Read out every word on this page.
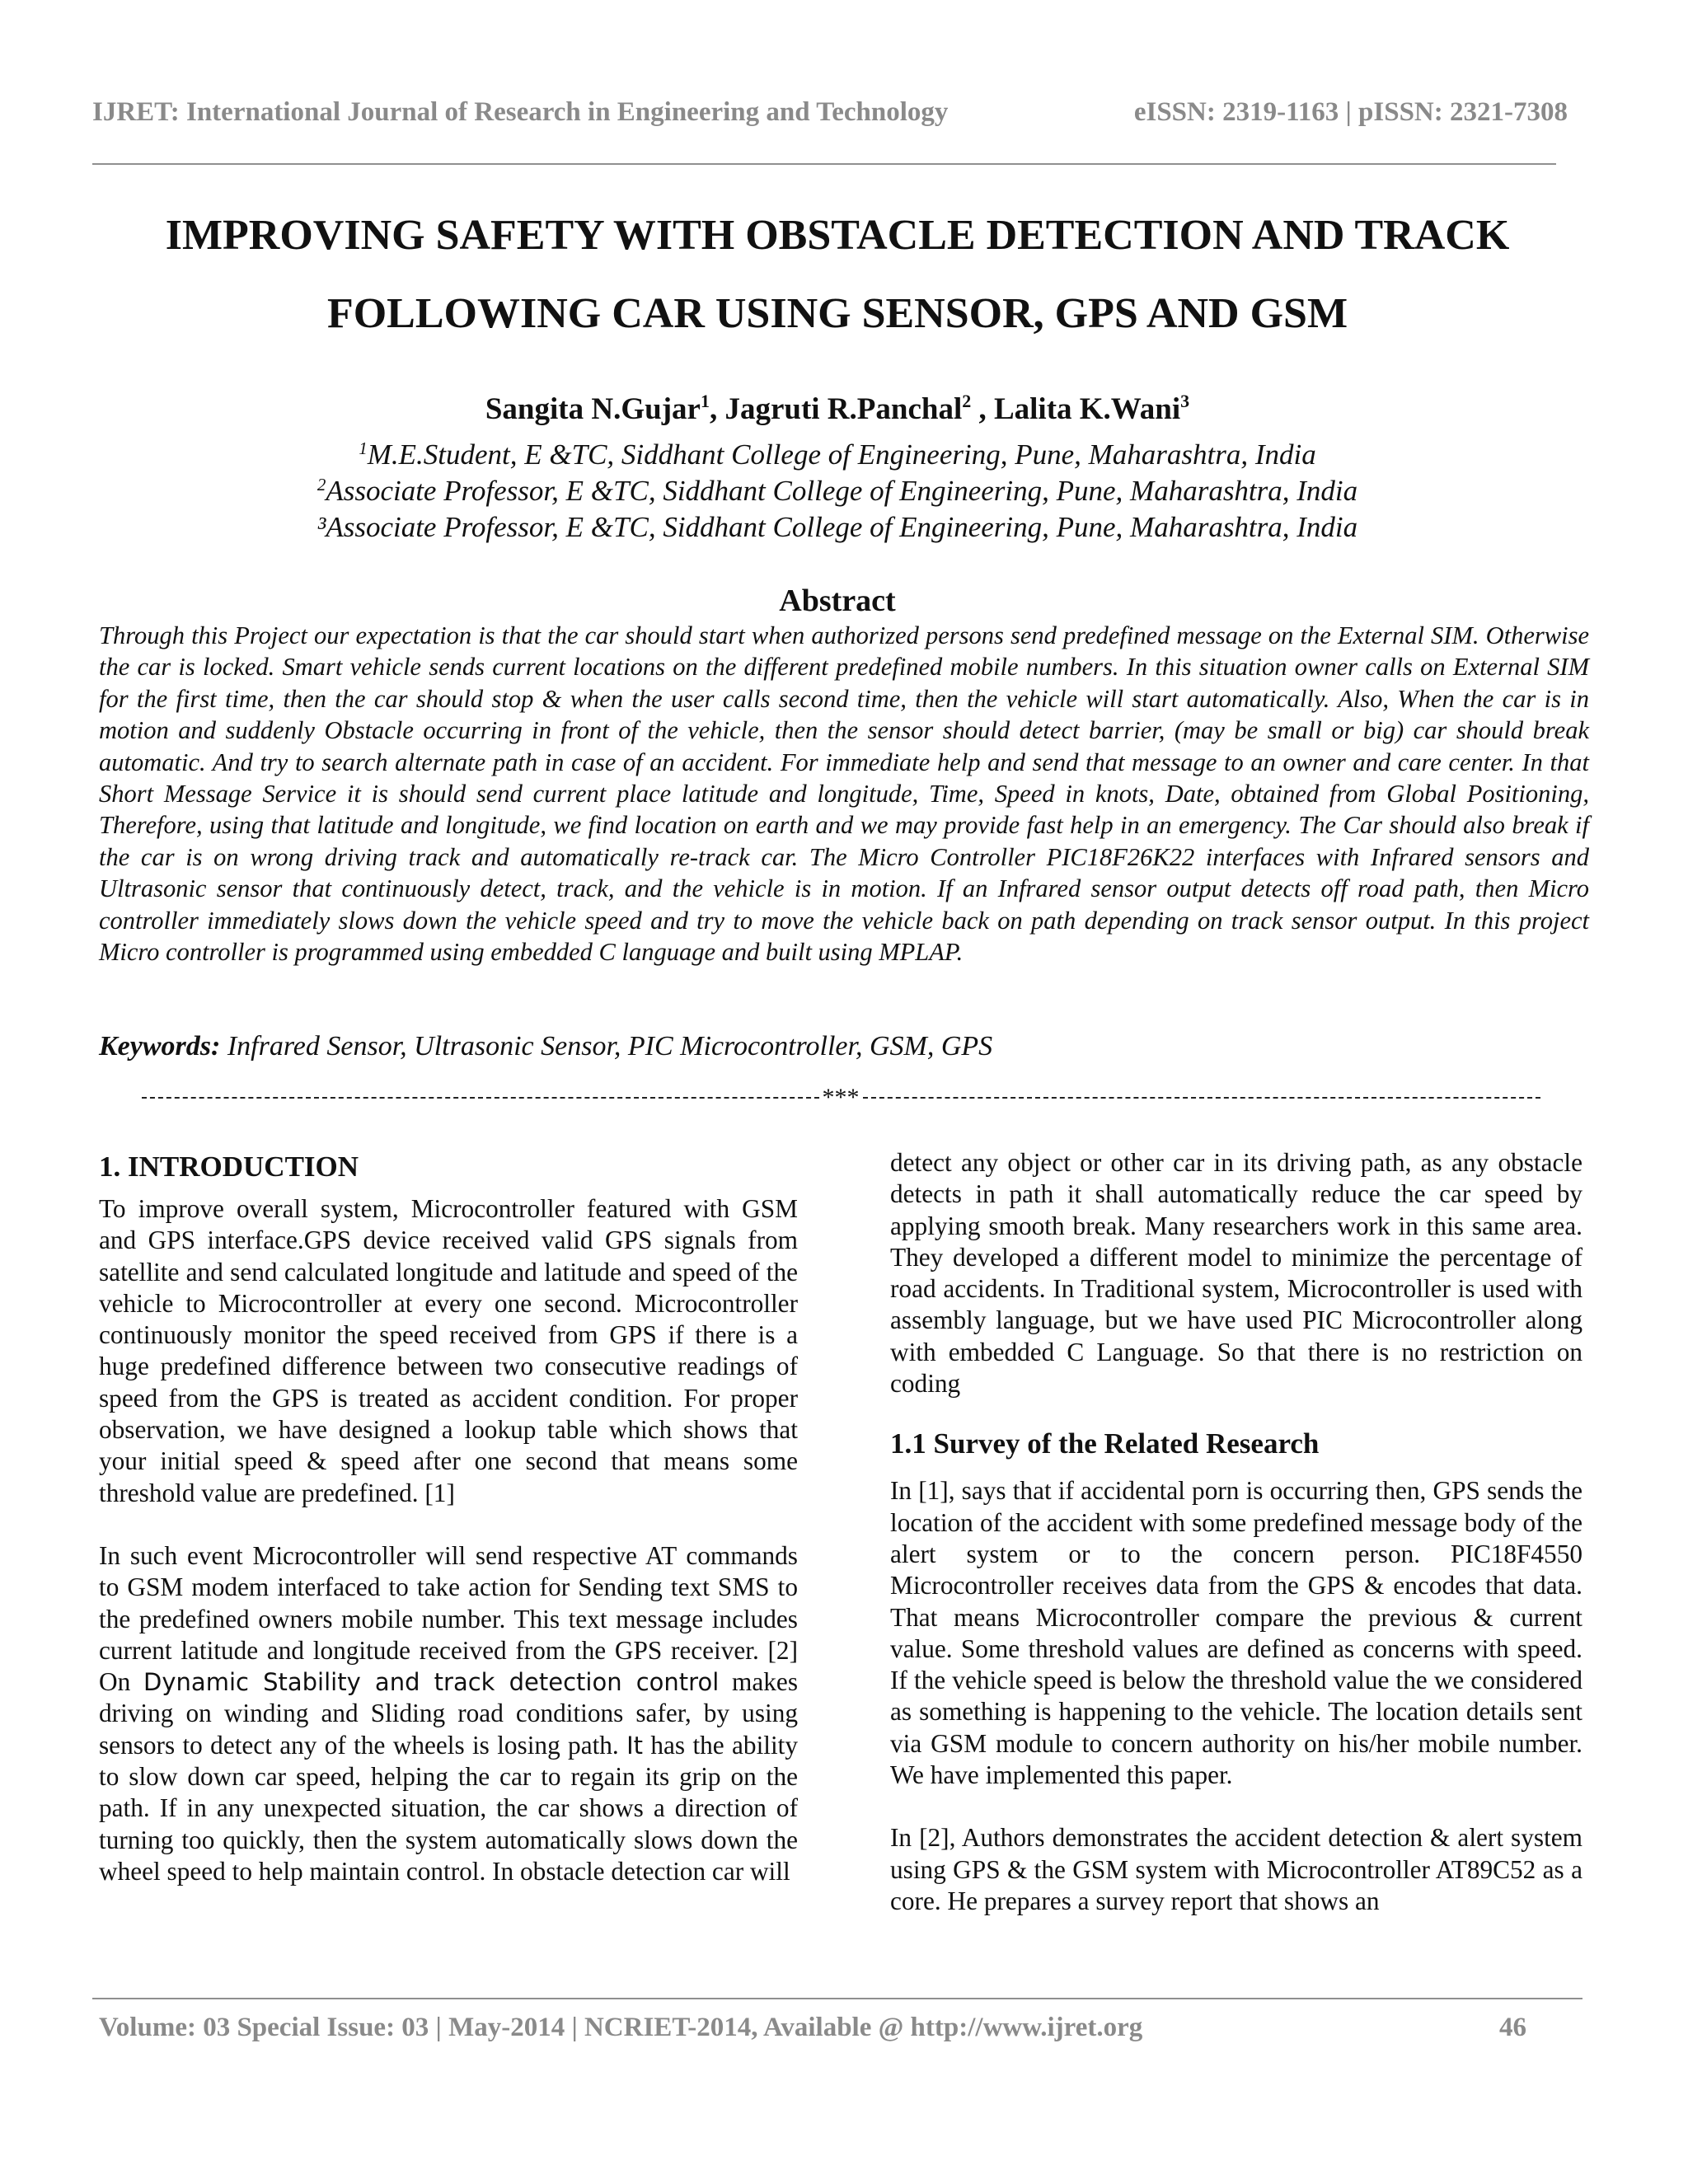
IJRET: International Journal of Research in Engineering and Technology	eISSN: 2319-1163 | pISSN: 2321-7308
IMPROVING SAFETY WITH OBSTACLE DETECTION AND TRACK
FOLLOWING CAR USING SENSOR, GPS AND GSM
Sangita N.Gujar$^1$, Jagruti R.Panchal$^2$ , Lalita K.Wani$^3$
$^1$M.E.Student, E &TC, Siddhant College of Engineering, Pune, Maharashtra, India
$^2$Associate Professor, E &TC, Siddhant College of Engineering, Pune, Maharashtra, India
³Associate Professor, E &TC, Siddhant College of Engineering, Pune, Maharashtra, India
Abstract

Through this Project our expectation is that the car should start when authorized persons send predefined message on the External SIM. Otherwise the car is locked. Smart vehicle sends current locations on the different predefined mobile numbers. In this situation owner calls on External SIM for the first time, then the car should stop & when the user calls second time, then the vehicle will start automatically. Also, When the car is in motion and suddenly Obstacle occurring in front of the vehicle, then the sensor should detect barrier, (may be small or big) car should break automatic. And try to search alternate path in case of an accident. For immediate help and send that message to an owner and care center. In that Short Message Service it is should send current place latitude and longitude, Time, Speed in knots, Date, obtained from Global Positioning, Therefore, using that latitude and longitude, we find location on earth and we may provide fast help in an emergency. The Car should also break if the car is on wrong driving track and automatically re-track car. The Micro Controller PIC18F26K22 interfaces with Infrared sensors and Ultrasonic sensor that continuously detect, track, and the vehicle is in motion. If an Infrared sensor output detects off road path, then Micro controller immediately slows down the vehicle speed and try to move the vehicle back on path depending on track sensor output. In this project Micro controller is programmed using embedded C language and built using MPLAP.

Keywords: Infrared Sensor, Ultrasonic Sensor, PIC Microcontroller, GSM, GPS
***
1. INTRODUCTION

To improve overall system, Microcontroller featured with GSM and GPS interface.GPS device received valid GPS signals from satellite and send calculated longitude and latitude and speed of the vehicle to Microcontroller at every one second. Microcontroller continuously monitor the speed received from GPS if there is a huge predefined difference between two consecutive readings of speed from the GPS is treated as accident condition. For proper observation, we have designed a lookup table which shows that your initial speed & speed after one second that means some threshold value are predefined. [1]

In such event Microcontroller will send respective AT commands to GSM modem interfaced to take action for Sending text SMS to the predefined owners mobile number. This text message includes current latitude and longitude received from the GPS receiver. [2] On Dynamic Stability and track detection control makes driving on winding and Sliding road conditions safer, by using sensors to detect any of the wheels is losing path. It has the ability to slow down car speed, helping the car to regain its grip on the path. If in any unexpected situation, the car shows a direction of turning too quickly, then the system automatically slows down the wheel speed to help maintain control. In obstacle detection car will

detect any object or other car in its driving path, as any obstacle detects in path it shall automatically reduce the car speed by applying smooth break. Many researchers work in this same area. They developed a different model to minimize the percentage of road accidents. In Traditional system, Microcontroller is used with assembly language, but we have used PIC Microcontroller along with embedded C Language. So that there is no restriction on coding

1.1 Survey of the Related Research

In [1], says that if accidental porn is occurring then, GPS sends the location of the accident with some predefined message body of the alert system or to the concern person. PIC18F4550 Microcontroller receives data from the GPS & encodes that data. That means Microcontroller compare the previous & current value. Some threshold values are defined as concerns with speed. If the vehicle speed is below the threshold value the we considered as something is happening to the vehicle. The location details sent via GSM module to concern authority on his/her mobile number. We have implemented this paper.

In [2], Authors demonstrates the accident detection & alert system using GPS & the GSM system with Microcontroller AT89C52 as a core. He prepares a survey report that shows an

Volume: 03 Special Issue: 03 | May-2014 | NCRIET-2014, Available @ http://www.ijret.org	46
